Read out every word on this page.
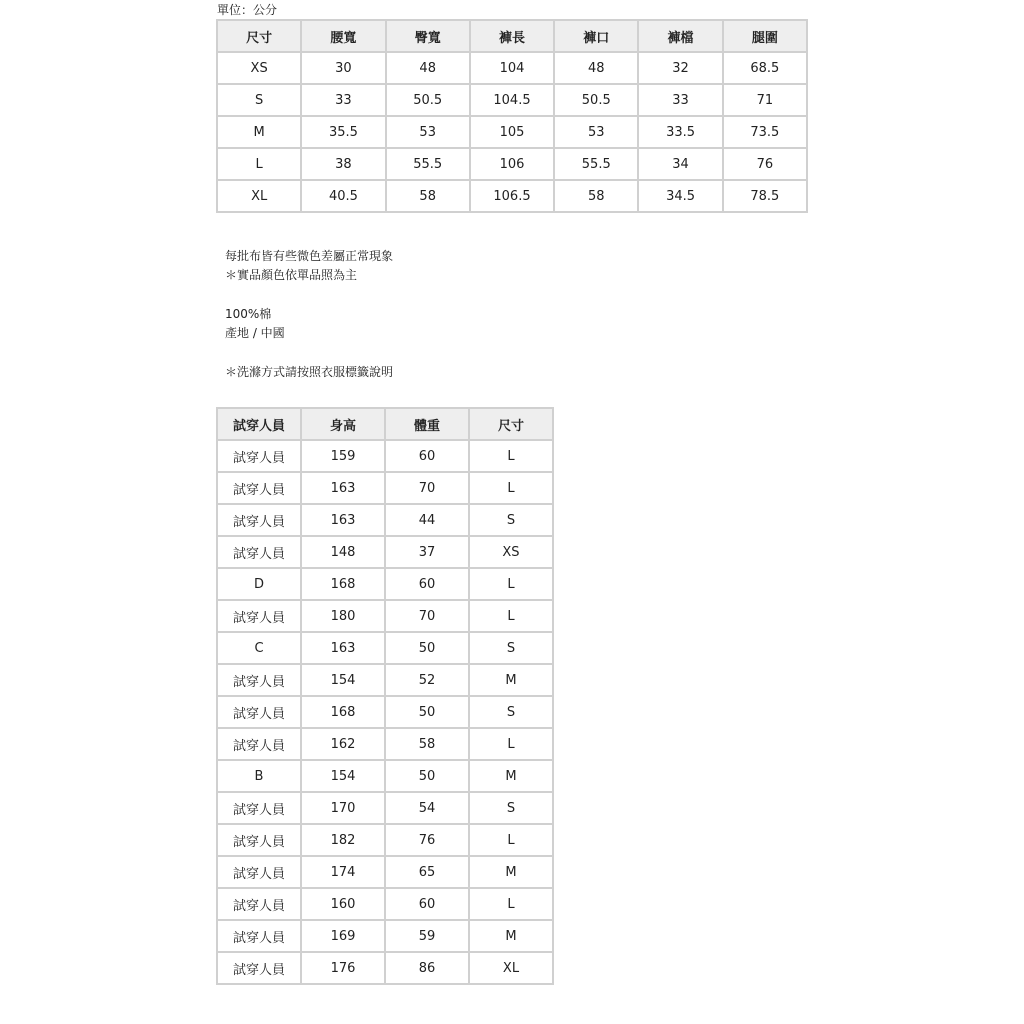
單位：公分
尺寸	腰寬	臀寬	褲長	褲口	褲檔	腿圍
XS	30	48	104	48	32	68.5
S	33	50.5	104.5	50.5	33	71
M	35.5	53	105	53	33.5	73.5
L	38	55.5	106	55.5	34	76
XL	40.5	58	106.5	58	34.5	78.5
每批布皆有些微色差屬正常現象
＊實品顏色依單品照為主
100%棉
產地 / 中國
＊洗滌方式請按照衣服標籤說明
試穿人員	身高	體重	尺寸
試穿人員	159	60	L
試穿人員	163	70	L
試穿人員	163	44	S
試穿人員	148	37	XS
D	168	60	L
試穿人員	180	70	L
C	163	50	S
試穿人員	154	52	M
試穿人員	168	50	S
試穿人員	162	58	L
B	154	50	M
試穿人員	170	54	S
試穿人員	182	76	L
試穿人員	174	65	M
試穿人員	160	60	L
試穿人員	169	59	M
試穿人員	176	86	XL
